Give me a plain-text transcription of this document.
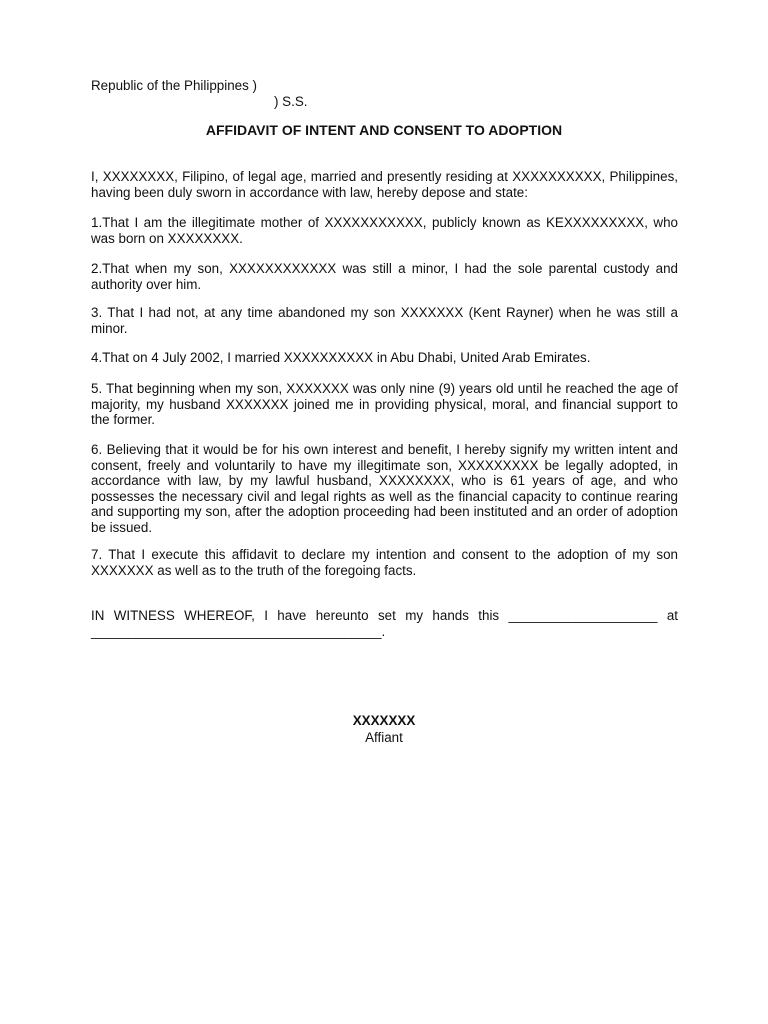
Republic of the Philippines )
) S.S.
AFFIDAVIT OF INTENT AND CONSENT TO ADOPTION
I, XXXXXXXX, Filipino, of legal age, married and presently residing at XXXXXXXXXX, Philippines, having been duly sworn in accordance with law, hereby depose and state:
1.That I am the illegitimate mother of XXXXXXXXXXX, publicly known as KEXXXXXXXXX, who was born on XXXXXXXX.
2.That when my son, XXXXXXXXXXXX was still a minor, I had the sole parental custody and authority over him.
3. That I had not, at any time abandoned my son XXXXXXX (Kent Rayner) when he was still a minor.
4.That on 4 July 2002, I married XXXXXXXXXX in Abu Dhabi, United Arab Emirates.
5. That beginning when my son, XXXXXXX was only nine (9) years old until he reached the age of majority, my husband XXXXXXX joined me in providing physical, moral, and financial support to the former.
6. Believing that it would be for his own interest and benefit, I hereby signify my written intent and consent, freely and voluntarily to have my illegitimate son, XXXXXXXXX be legally adopted, in accordance with law, by my lawful husband, XXXXXXXX, who is 61 years of age, and who possesses the necessary civil and legal rights as well as the financial capacity to continue rearing and supporting my son, after the adoption proceeding had been instituted and an order of adoption be issued.
7. That I execute this affidavit to declare my intention and consent to the adoption of my son XXXXXXX as well as to the truth of the foregoing facts.
IN WITNESS WHEREOF, I have hereunto set my hands this ____________________ at _______________________________________.
XXXXXXX
Affiant
